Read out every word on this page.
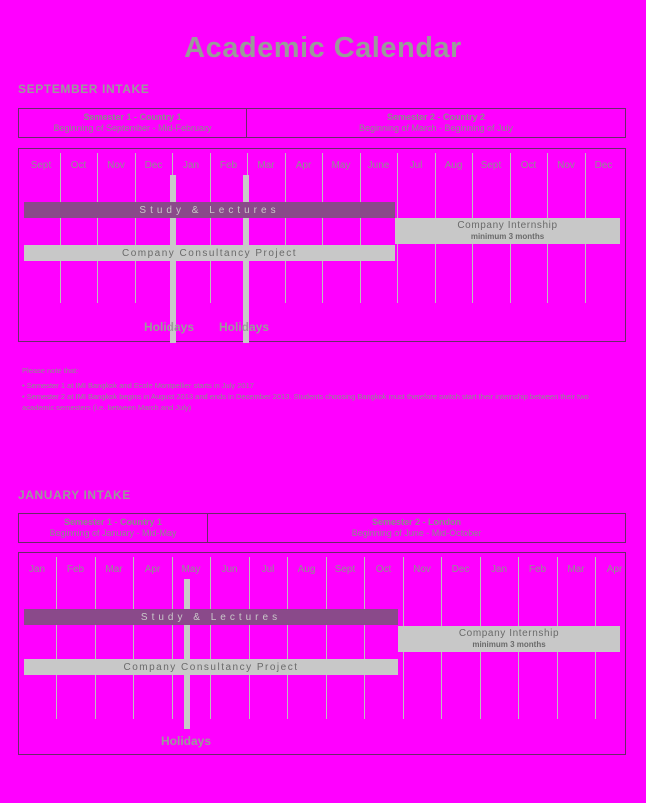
Academic Calendar
SEPTEMBER INTAKE
Semester 1 - Country 1
Beginning of September - Mid-February
Semester 2 - Country 2
Beginning of March - Beginning of July
Sept	Oct	Nov	Dec	Jan	Feb	Mar	Apr	May	June	Jul	Aug	Sept	Oct	Nov	Dec
Study & Lectures
Company Internship
minimum 3 months
Company Consultancy Project
Holidays Holidays

Please note that:

• Semester 1 at IMI Bangkok and Ecole Montpellier starts in July 2017

• Semester 2 at IMI Bangkok begins in August 2013 and ends in December 2013. Students choosing Bangkok must therefore switch start their internship between their two academic semesters (i.e. between March and July)

JANUARY INTAKE
Semester 1 - Country 1
Beginning of January - Mid-May
Semester 2 - London
Beginning of June - Mid-October
Jan	Feb	Mar	Apr	May	Jun	Jul	Aug	Sept	Oct	Nov	Dec	Jan	Feb	Mar	Apr
Study & Lectures
Company Internship
minimum 3 months
Company Consultancy Project
Holidays
